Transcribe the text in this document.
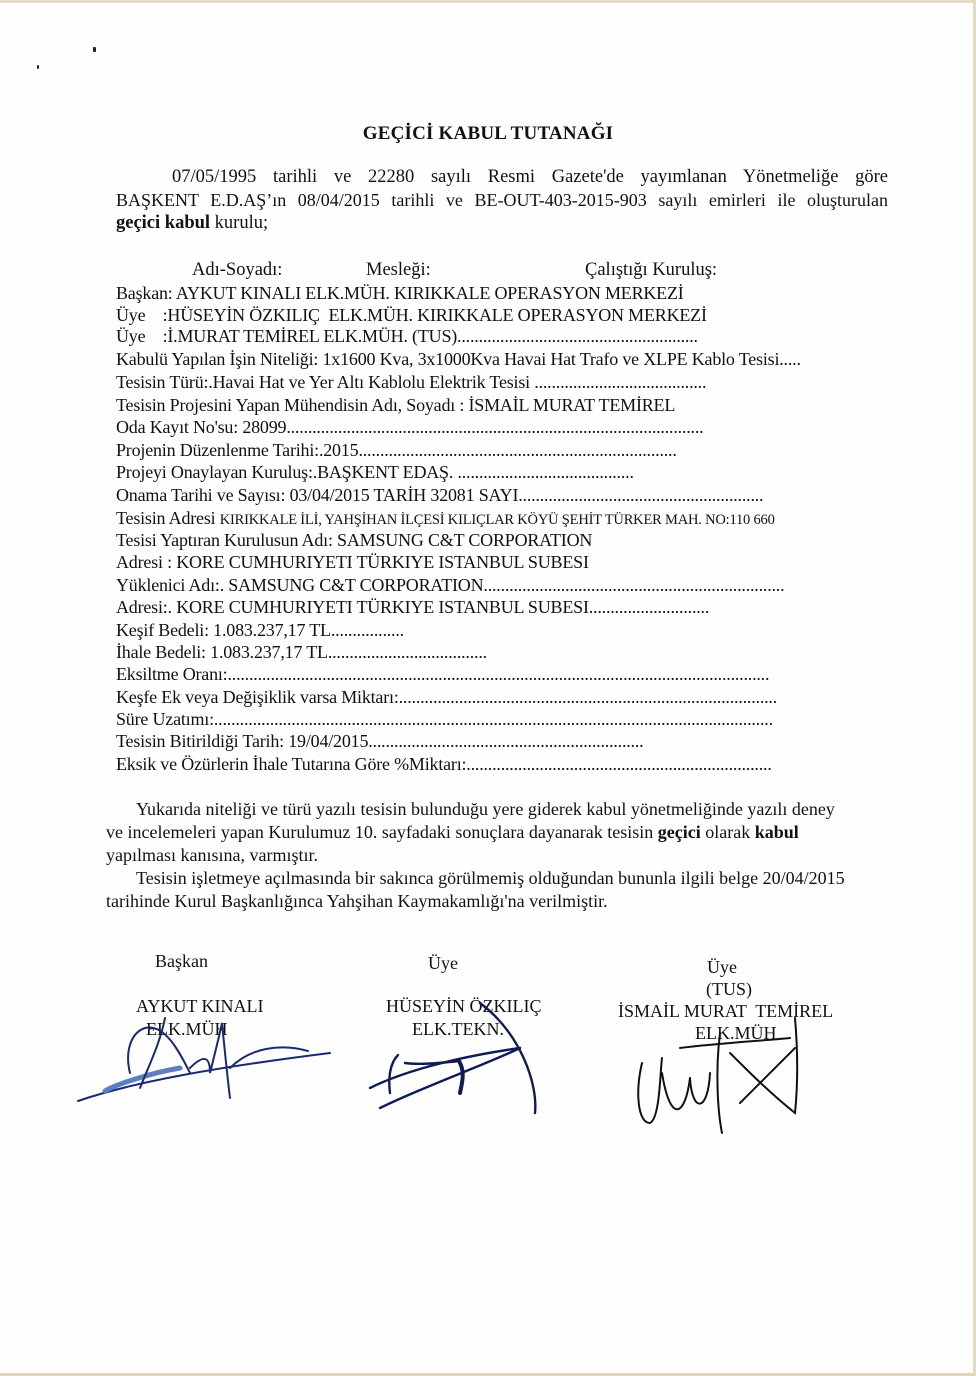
GEÇİCİ KABUL TUTANAĞI
07/05/1995 tarihli ve 22280 sayılı Resmi Gazete'de yayımlanan Yönetmeliğe göre
BAŞKENT E.D.AŞ’ın 08/04/2015 tarihli ve BE-OUT-403-2015-903 sayılı emirleri ile oluşturulan
geçici kabul kurulu;
Adı-Soyadı:	Mesleği:	Çalıştığı Kuruluş:
Başkan: AYKUT KINALI ELK.MÜH. KIRIKKALE OPERASYON MERKEZİ
Üye    :HÜSEYİN ÖZKILIÇ  ELK.MÜH. KIRIKKALE OPERASYON MERKEZİ
Üye    :İ.MURAT TEMİREL ELK.MÜH. (TUS)........................................................
Kabulü Yapılan İşin Niteliği: 1x1600 Kva, 3x1000Kva Havai Hat Trafo ve XLPE Kablo Tesisi.....
Tesisin Türü:.Havai Hat ve Yer Altı Kablolu Elektrik Tesisi ........................................
Tesisin Projesini Yapan Mühendisin Adı, Soyadı : İSMAİL MURAT TEMİREL
Oda Kayıt No'su: 28099.................................................................................................
Projenin Düzenlenme Tarihi:.2015..........................................................................
Projeyi Onaylayan Kuruluş:.BAŞKENT EDAŞ. .........................................
Onama Tarihi ve Sayısı: 03/04/2015 TARİH 32081 SAYI.........................................................
Tesisin Adresi KIRIKKALE İLİ, YAHŞİHAN İLÇESİ KILIÇLAR KÖYÜ ŞEHİT TÜRKER MAH. NO:110 660
Tesisi Yaptıran Kurulusun Adı: SAMSUNG C&T CORPORATION
Adresi : KORE CUMHURIYETI TÜRKIYE ISTANBUL SUBESI
Yüklenici Adı:. SAMSUNG C&T CORPORATION......................................................................
Adresi:. KORE CUMHURIYETI TÜRKIYE ISTANBUL SUBESI............................
Keşif Bedeli: 1.083.237,17 TL.................
İhale Bedeli: 1.083.237,17 TL.....................................
Eksiltme Oranı:..............................................................................................................................
Keşfe Ek veya Değişiklik varsa Miktarı:........................................................................................
Süre Uzatımı:..................................................................................................................................
Tesisin Bitirildiği Tarih: 19/04/2015................................................................
Eksik ve Özürlerin İhale Tutarına Göre %Miktarı:.......................................................................
Yukarıda niteliği ve türü yazılı tesisin bulunduğu yere giderek kabul yönetmeliğinde yazılı deney ve incelemeleri yapan Kurulumuz 10. sayfadaki sonuçlara dayanarak tesisin geçici olarak kabul yapılması kanısına, varmıştır.
Tesisin işletmeye açılmasında bir sakınca görülmemiş olduğundan bununla ilgili belge 20/04/2015 tarihinde Kurul Başkanlığınca Yahşihan Kaymakamlığı'na verilmiştir.
Başkan
AYKUT KINALI
ELK.MÜH
Üye
HÜSEYİN ÖZKILIÇ
ELK.TEKN.
Üye
(TUS)
İSMAİL MURAT  TEMİREL
ELK.MÜH
